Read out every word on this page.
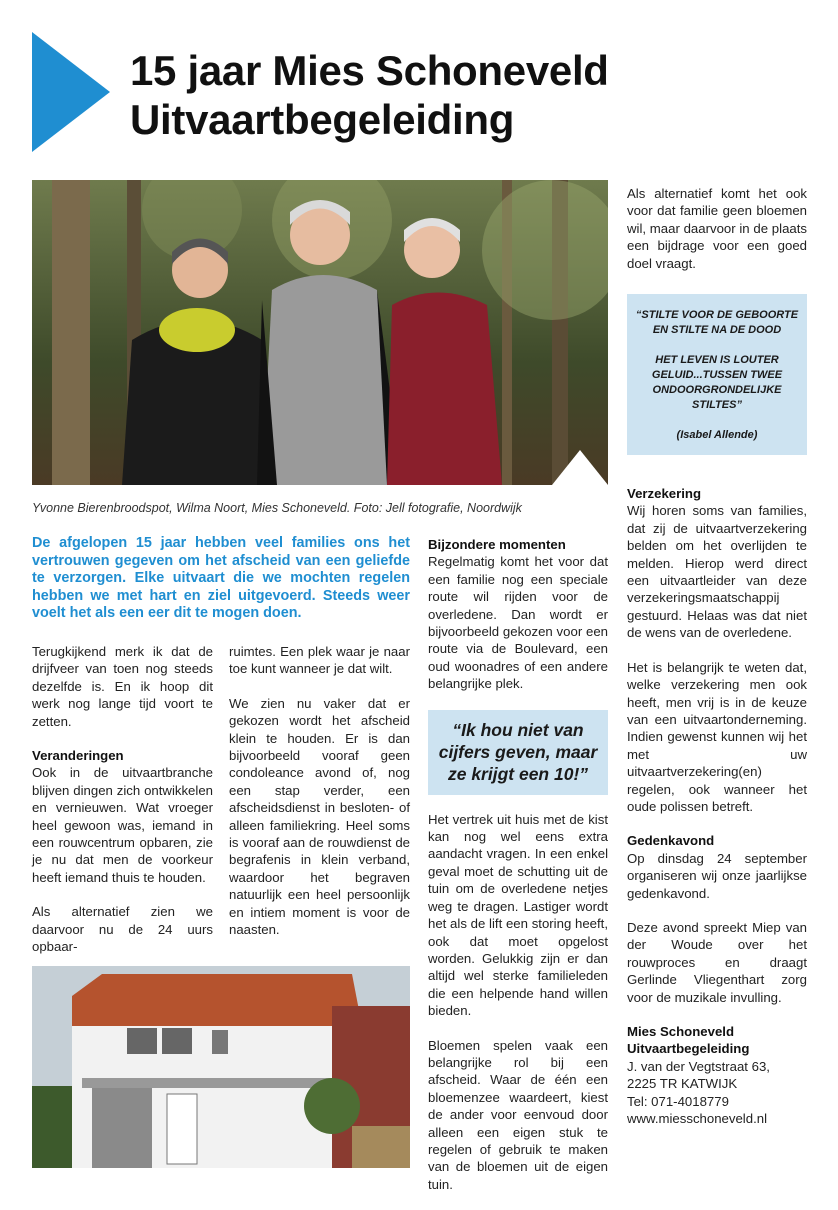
15 jaar Mies Schoneveld
Uitvaartbegeleiding
Yvonne Bierenbroodspot, Wilma Noort, Mies Schoneveld. Foto: Jell fotografie, Noordwijk
De afgelopen 15 jaar hebben veel families ons het vertrouwen gegeven om het afscheid van een geliefde te verzorgen. Elke uitvaart die we mochten regelen hebben we met hart en ziel uitgevoerd. Steeds weer voelt het als een eer dit te mogen doen.

Terugkijkend merk ik dat de drijfveer van toen nog steeds dezelfde is. En ik hoop dit werk nog lange tijd voort te zetten.

Veranderingen

Ook in de uitvaartbranche blijven dingen zich ontwikkelen en vernieuwen. Wat vroeger heel gewoon was, iemand in een rouwcentrum opbaren, zie je nu dat men de voorkeur heeft iemand thuis te houden.

Als alternatief zien we daarvoor nu de 24 uurs opbaar-

ruimtes. Een plek waar je naar toe kunt wanneer je dat wilt.

We zien nu vaker dat er gekozen wordt het afscheid klein te houden. Er is dan bijvoorbeeld vooraf geen condoleance avond of, nog een stap verder, een afscheidsdienst in besloten- of alleen familiekring. Heel soms is vooraf aan de rouwdienst de begrafenis in klein verband, waardoor het begraven natuurlijk een heel persoonlijk en intiem moment is voor de naasten.

Bijzondere momenten

Regelmatig komt het voor dat een familie nog een speciale route wil rijden voor de overledene. Dan wordt er bijvoorbeeld gekozen voor een route via de Boulevard, een oud woonadres of een andere belangrijke plek.

“Ik hou niet van cijfers geven, maar ze krijgt een 10!”

Het vertrek uit huis met de kist kan nog wel eens extra aandacht vragen. In een enkel geval moet de schutting uit de tuin om de overledene netjes weg te dragen. Lastiger wordt het als de lift een storing heeft, ook dat moet opgelost worden. Gelukkig zijn er dan altijd wel sterke familieleden die een helpende hand willen bieden.

Bloemen spelen vaak een belangrijke rol bij een afscheid. Waar de één een bloemenzee waardeert, kiest de ander voor eenvoud door alleen een eigen stuk te regelen of gebruik te maken van de bloemen uit de eigen tuin.

Als alternatief komt het ook voor dat familie geen bloemen wil, maar daarvoor in de plaats een bijdrage voor een goed doel vraagt.

“STILTE VOOR DE GEBOORTE EN STILTE NA DE DOOD
HET LEVEN IS LOUTER GELUID...TUSSEN TWEE ONDOORGRONDELIJKE STILTES”
(Isabel Allende)
Verzekering

Wij horen soms van families, dat zij de uitvaartverzekering belden om het overlijden te melden. Hierop werd direct een uitvaartleider van deze verzekeringsmaatschappij gestuurd. Helaas was dat niet de wens van de overledene.

Het is belangrijk te weten dat, welke verzekering men ook heeft, men vrij is in de keuze van een uitvaartonderneming. Indien gewenst kunnen wij het met uw uitvaartverzekering(en) regelen, ook wanneer het oude polissen betreft.

Gedenkavond

Op dinsdag 24 september organiseren wij onze jaarlijkse gedenkavond.

Deze avond spreekt Miep van der Woude over het rouwproces en draagt Gerlinde Vliegenthart zorg voor de muzikale invulling.

Mies Schoneveld
Uitvaartbegeleiding
J. van der Vegtstraat 63,
2225 TR KATWIJK
Tel: 071-4018779
www.miesschoneveld.nl
